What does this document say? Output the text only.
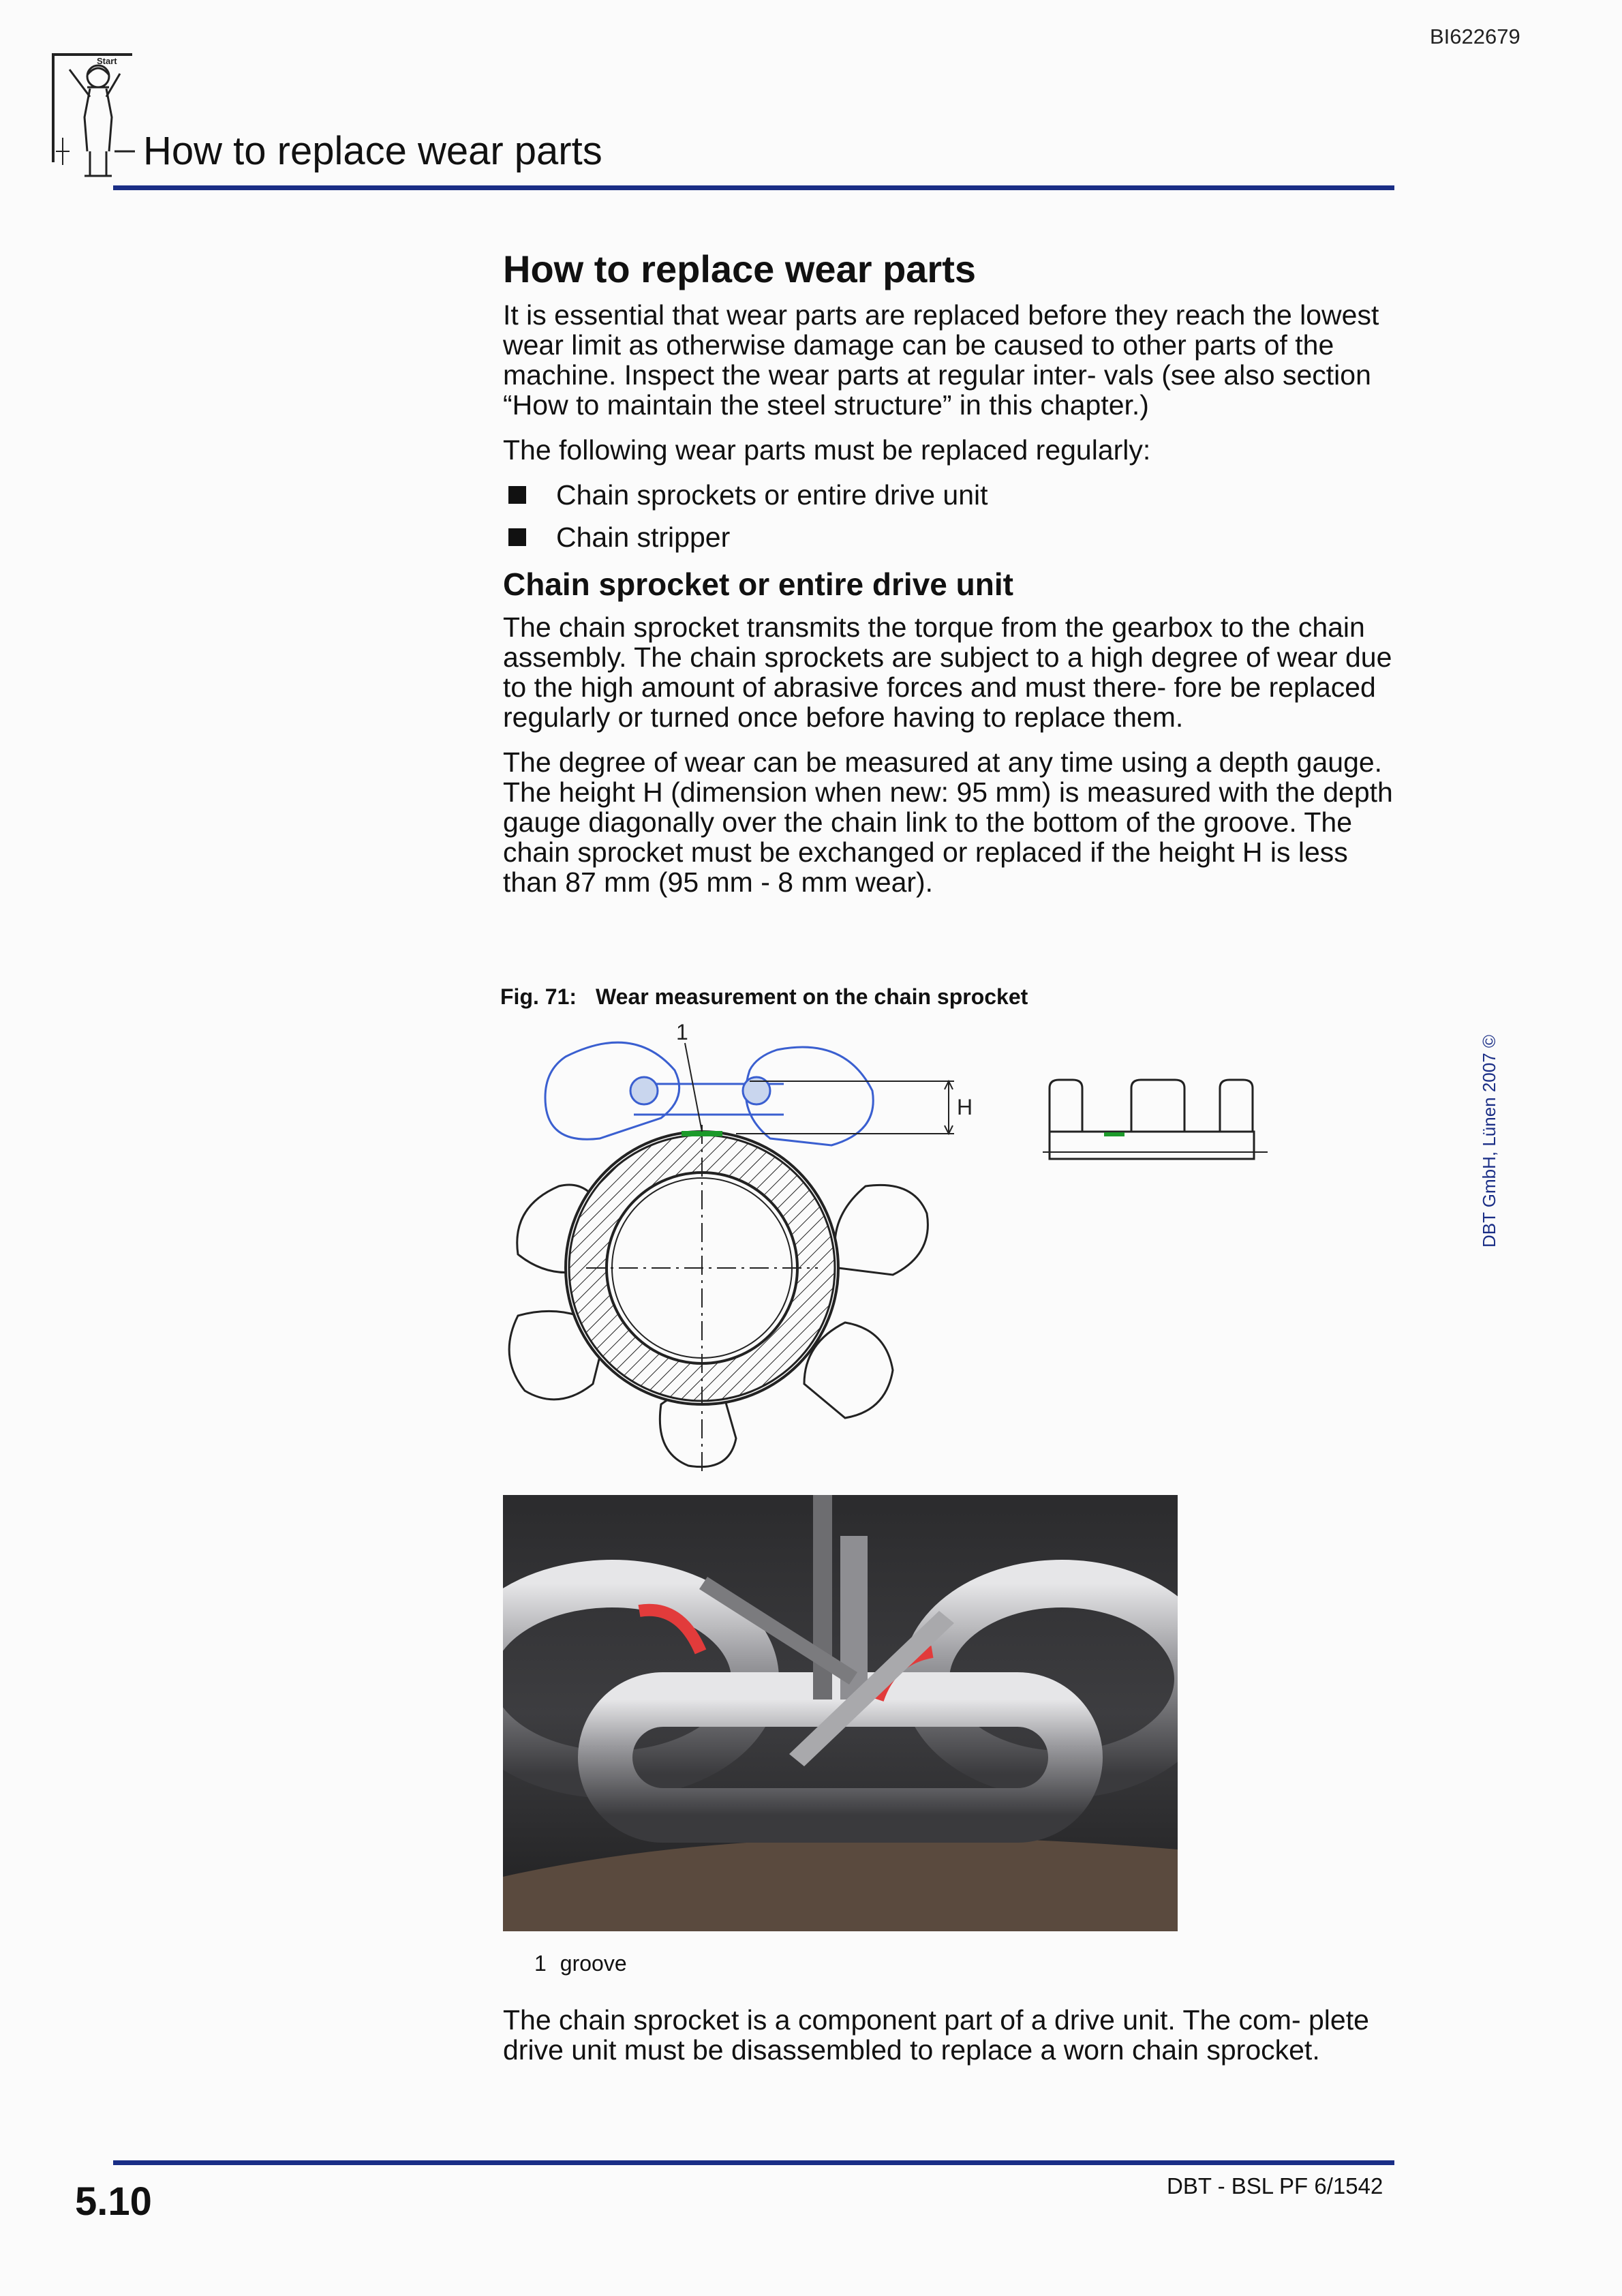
BI622679
Start
How to replace wear parts
How to replace wear parts

It is essential that wear parts are replaced before they reach the lowest wear limit as otherwise damage can be caused to other parts of the machine. Inspect the wear parts at regular inter- vals (see also section “How to maintain the steel structure” in this chapter.)

The following wear parts must be replaced regularly:

Chain sprockets or entire drive unit
Chain stripper
Chain sprocket or entire drive unit

The chain sprocket transmits the torque from the gearbox to the chain assembly. The chain sprockets are subject to a high degree of wear due to the high amount of abrasive forces and must there- fore be replaced regularly or turned once before having to replace them.

The degree of wear can be measured at any time using a depth gauge. The height H (dimension when new: 95 mm) is measured with the depth gauge diagonally over the chain link to the bottom of the groove. The chain sprocket must be exchanged or replaced if the height H is less than 87 mm (95 mm - 8 mm wear).

Fig. 71: Wear measurement on the chain sprocket
1
H
1 groove

The chain sprocket is a component part of a drive unit. The com- plete drive unit must be disassembled to replace a worn chain sprocket.

DBT GmbH, Lünen 2007 ©
5.10	DBT - BSL PF 6/1542
